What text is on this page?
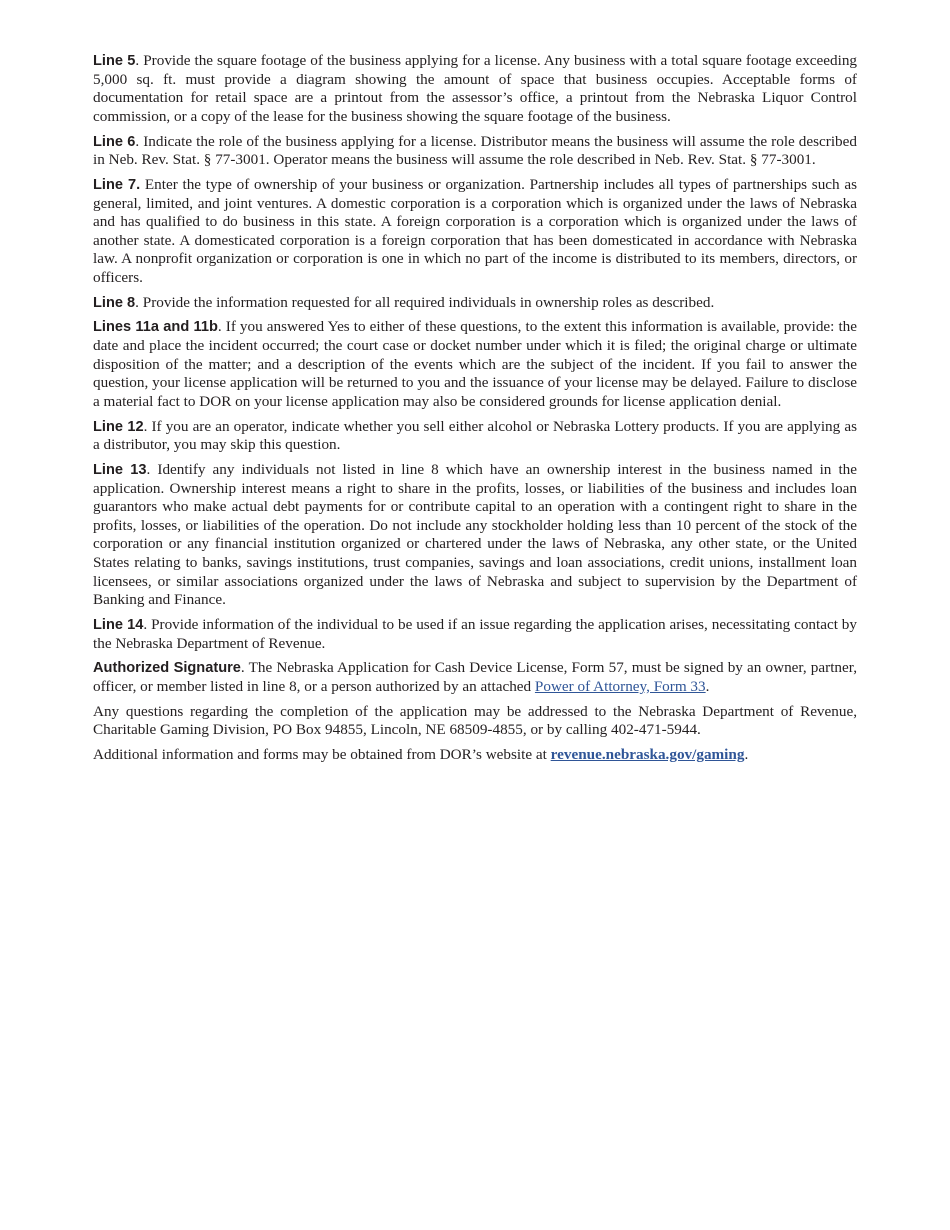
Line 5. Provide the square footage of the business applying for a license. Any business with a total square footage exceeding 5,000 sq. ft. must provide a diagram showing the amount of space that business occupies. Acceptable forms of documentation for retail space are a printout from the assessor’s office, a printout from the Nebraska Liquor Control commission, or a copy of the lease for the business showing the square footage of the business.

Line 6. Indicate the role of the business applying for a license. Distributor means the business will assume the role described in Neb. Rev. Stat. § 77-3001. Operator means the business will assume the role described in Neb. Rev. Stat. § 77-3001.

Line 7. Enter the type of ownership of your business or organization. Partnership includes all types of partnerships such as general, limited, and joint ventures. A domestic corporation is a corporation which is organized under the laws of Nebraska and has qualified to do business in this state. A foreign corporation is a corporation which is organized under the laws of another state. A domesticated corporation is a foreign corporation that has been domesticated in accordance with Nebraska law. A nonprofit organization or corporation is one in which no part of the income is distributed to its members, directors, or officers.

Line 8. Provide the information requested for all required individuals in ownership roles as described.

Lines 11a and 11b. If you answered Yes to either of these questions, to the extent this information is available, provide: the date and place the incident occurred; the court case or docket number under which it is filed; the original charge or ultimate disposition of the matter; and a description of the events which are the subject of the incident. If you fail to answer the question, your license application will be returned to you and the issuance of your license may be delayed. Failure to disclose a material fact to DOR on your license application may also be considered grounds for license application denial.

Line 12. If you are an operator, indicate whether you sell either alcohol or Nebraska Lottery products. If you are applying as a distributor, you may skip this question.

Line 13. Identify any individuals not listed in line 8 which have an ownership interest in the business named in the application. Ownership interest means a right to share in the profits, losses, or liabilities of the business and includes loan guarantors who make actual debt payments for or contribute capital to an operation with a contingent right to share in the profits, losses, or liabilities of the operation. Do not include any stockholder holding less than 10 percent of the stock of the corporation or any financial institution organized or chartered under the laws of Nebraska, any other state, or the United States relating to banks, savings institutions, trust companies, savings and loan associations, credit unions, installment loan licensees, or similar associations organized under the laws of Nebraska and subject to supervision by the Department of Banking and Finance.

Line 14. Provide information of the individual to be used if an issue regarding the application arises, necessitating contact by the Nebraska Department of Revenue.

Authorized Signature. The Nebraska Application for Cash Device License, Form 57, must be signed by an owner, partner, officer, or member listed in line 8, or a person authorized by an attached Power of Attorney, Form 33.

Any questions regarding the completion of the application may be addressed to the Nebraska Department of Revenue, Charitable Gaming Division, PO Box 94855, Lincoln, NE 68509-4855, or by calling 402-471-5944.

Additional information and forms may be obtained from DOR’s website at revenue.nebraska.gov/gaming.
